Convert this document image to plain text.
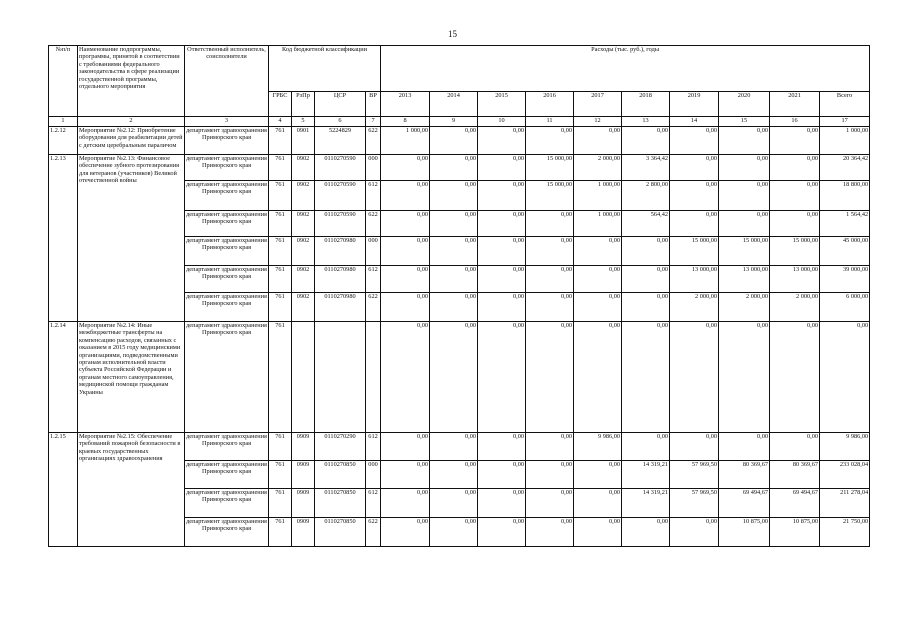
15
№п/п	Наименование подпрограммы, программы, принятой в соответствии с требованиями федерального законодательства в сфере реализации государственной программы, отдельного мероприятия	Ответственный исполнитель, соисполнители	Код бюджетной классификации				Расходы (тыс. руб.), годы									
			ГРБС	РзПр	ЦСР	ВР	2013	2014	2015	2016	2017	2018	2019	2020	2021	Всего
1	2	3	4	5	6	7	8	9	10	11	12	13	14	15	16	17
1.2.12	Мероприятие №2.12: Приобретение оборудования для реабилитации детей с детским церебральным параличом	департамент здравоохранения Приморского края	761	0901	5224829	622	1 000,00	0,00	0,00	0,00	0,00	0,00	0,00	0,00	0,00	1 000,00
1.2.13	Мероприятие №2.13: Финансовое обеспечение зубного протезирования для ветеранов (участников) Великой отечественной войны	департамент здравоохранения Приморского края	761	0902	0110270590	000	0,00	0,00	0,00	15 000,00	2 000,00	3 364,42	0,00	0,00	0,00	20 364,42
		департамент здравоохранения Приморского края	761	0902	0110270590	612	0,00	0,00	0,00	15 000,00	1 000,00	2 800,00	0,00	0,00	0,00	18 800,00
		департамент здравоохранения Приморского края	761	0902	0110270590	622	0,00	0,00	0,00	0,00	1 000,00	564,42	0,00	0,00	0,00	1 564,42
		департамент здравоохранения Приморского края	761	0902	0110270980	000	0,00	0,00	0,00	0,00	0,00	0,00	15 000,00	15 000,00	15 000,00	45 000,00
		департамент здравоохранения Приморского края	761	0902	0110270980	612	0,00	0,00	0,00	0,00	0,00	0,00	13 000,00	13 000,00	13 000,00	39 000,00
		департамент здравоохранения Приморского края	761	0902	0110270980	622	0,00	0,00	0,00	0,00	0,00	0,00	2 000,00	2 000,00	2 000,00	6 000,00
1.2.14	Мероприятие №2.14: Иные межбюджетные трансферты на компенсацию расходов, связанных с оказанием в 2015 году медицинскими организациями, подведомственными органам исполнительной власти субъекта Российской Федерации и органам местного самоуправления, медицинской помощи гражданам Украины	департамент здравоохранения Приморского края	761				0,00	0,00	0,00	0,00	0,00	0,00	0,00	0,00	0,00	0,00
1.2.15	Мероприятие №2.15: Обеспечение требований пожарной безопасности в краевых государственных организациях здравоохранения	департамент здравоохранения Приморского края	761	0909	0110270290	612	0,00	0,00	0,00	0,00	9 986,00	0,00	0,00	0,00	0,00	9 986,00
		департамент здравоохранения Приморского края	761	0909	0110270850	000	0,00	0,00	0,00	0,00	0,00	14 319,21	57 969,50	80 369,67	80 369,67	233 028,04
		департамент здравоохранения Приморского края	761	0909	0110270850	612	0,00	0,00	0,00	0,00	0,00	14 319,21	57 969,50	69 494,67	69 494,67	211 278,04
		департамент здравоохранения Приморского края	761	0909	0110270850	622	0,00	0,00	0,00	0,00	0,00	0,00	0,00	10 875,00	10 875,00	21 750,00
